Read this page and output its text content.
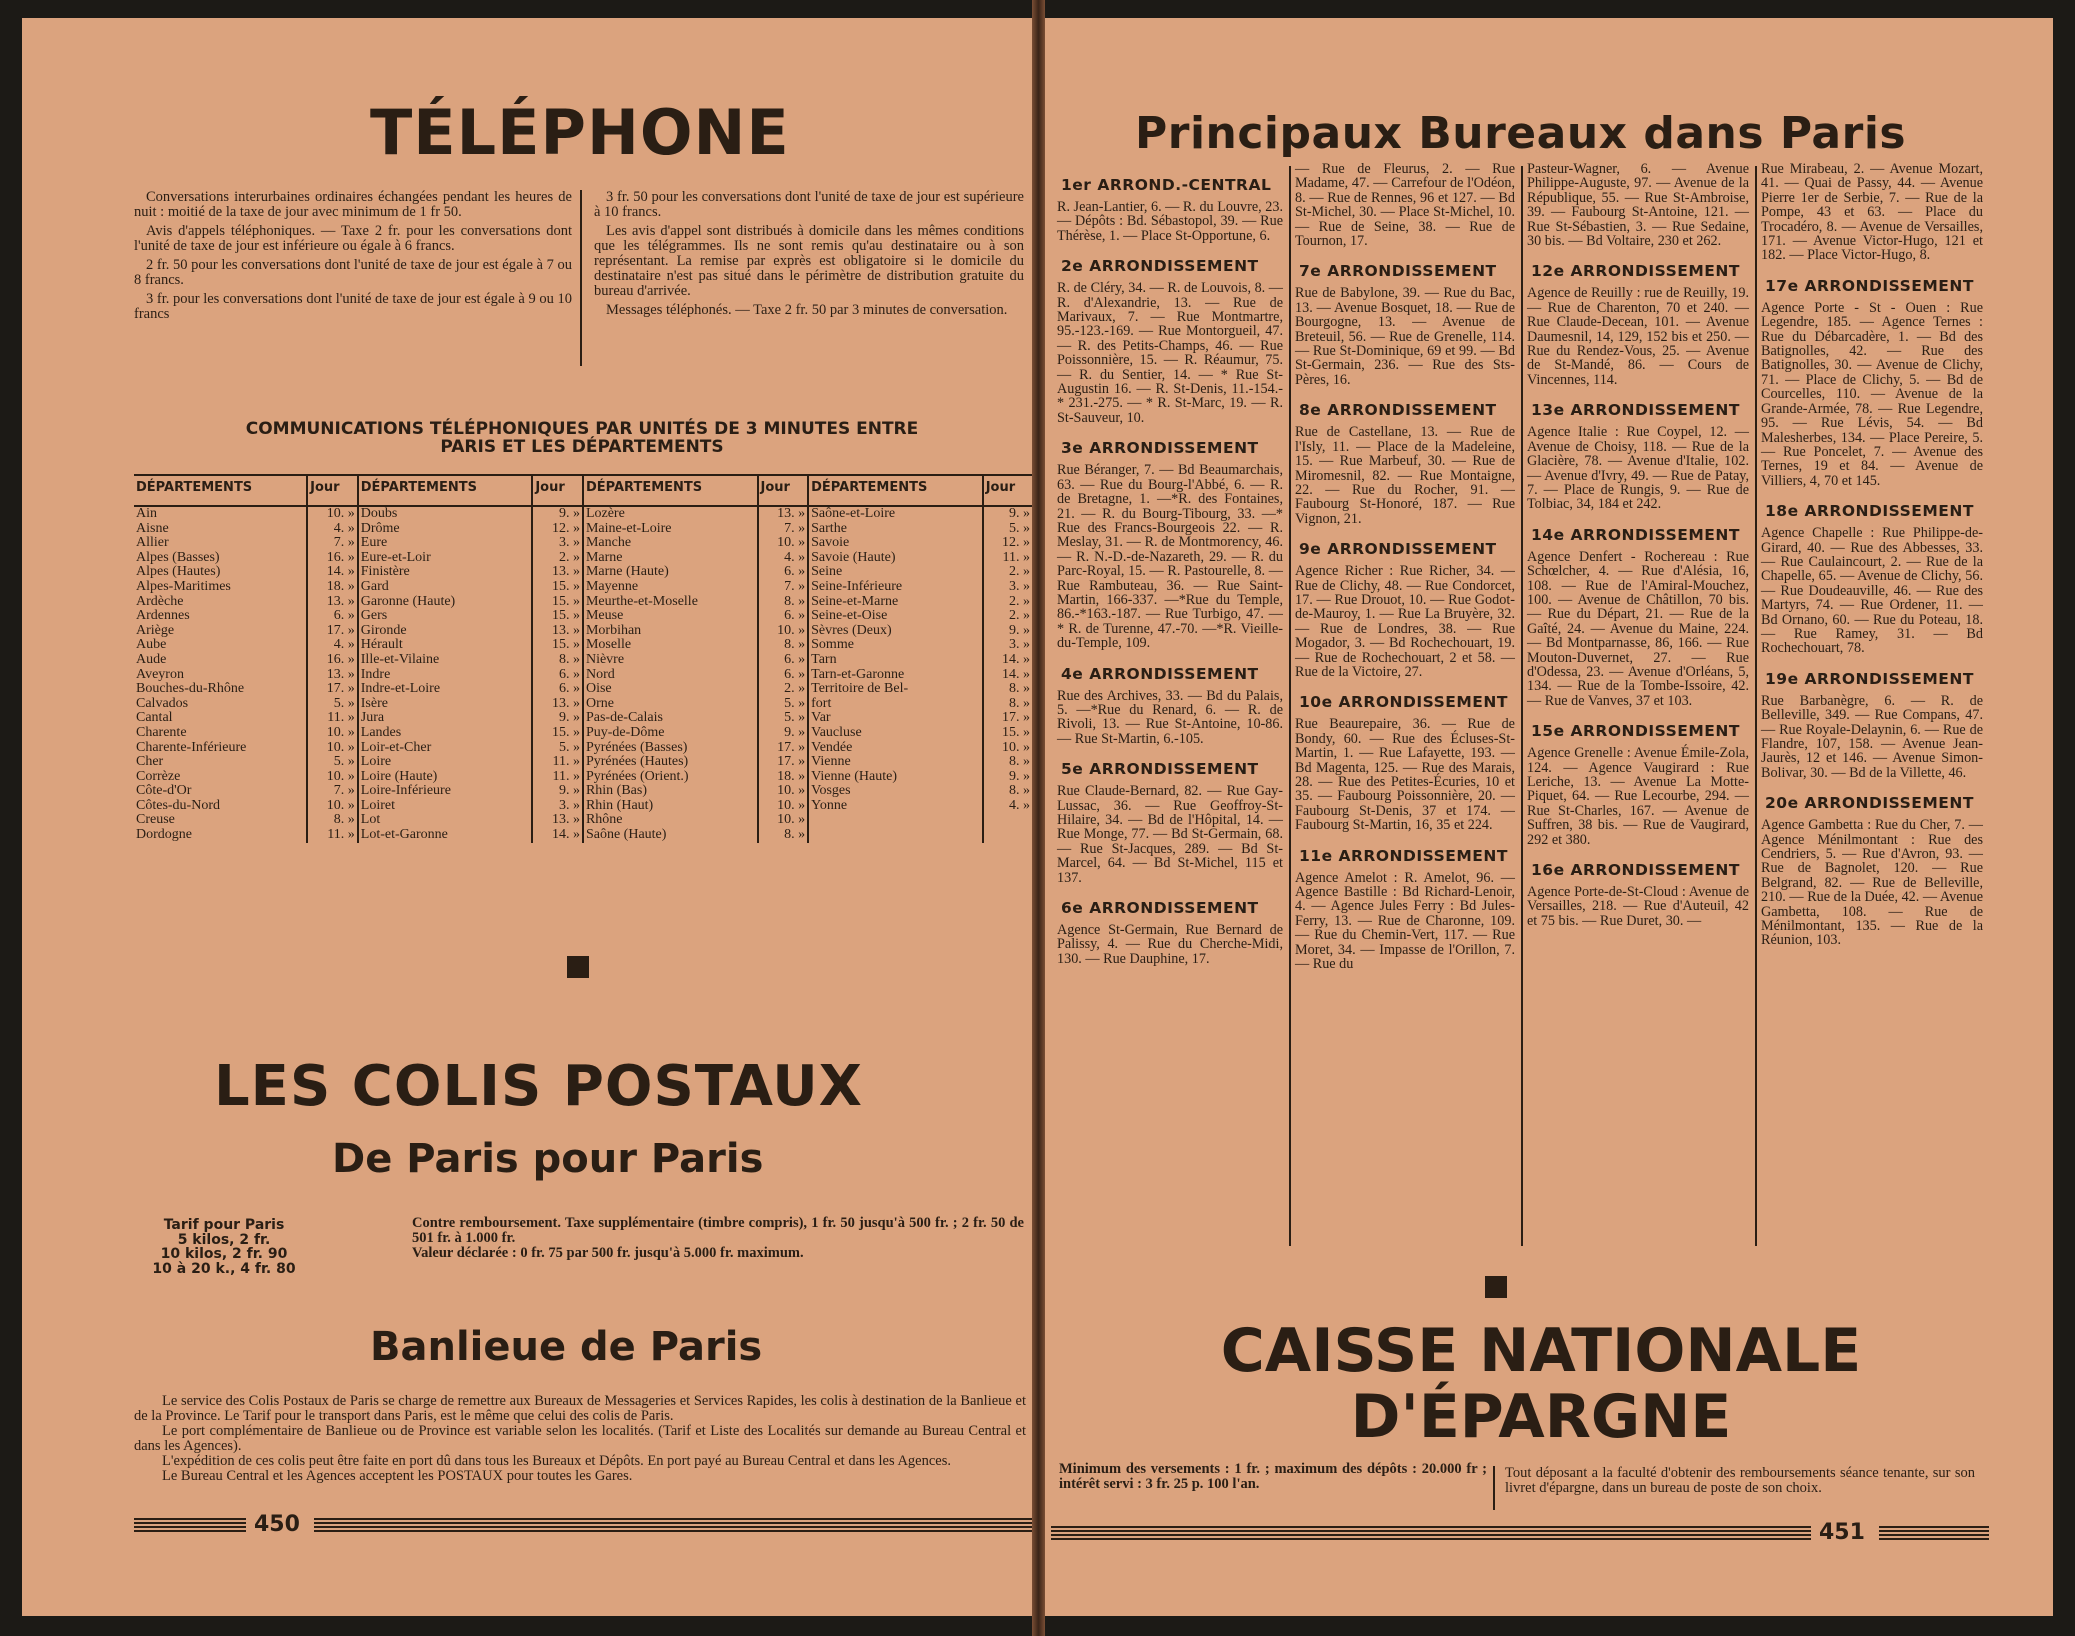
TÉLÉPHONE

Conversations interurbaines ordinaires échangées pendant les heures de nuit : moitié de la taxe de jour avec minimum de 1 fr 50.

Avis d'appels téléphoniques. — Taxe 2 fr. pour les conversations dont l'unité de taxe de jour est inférieure ou égale à 6 francs.

2 fr. 50 pour les conversations dont l'unité de taxe de jour est égale à 7 ou 8 francs.

3 fr. pour les conversations dont l'unité de taxe de jour est égale à 9 ou 10 francs

3 fr. 50 pour les conversations dont l'unité de taxe de jour est supérieure à 10 francs.

Les avis d'appel sont distribués à domicile dans les mêmes conditions que les télégrammes. Ils ne sont remis qu'au destinataire ou à son représentant. La remise par exprès est obligatoire si le domicile du destinataire n'est pas situé dans le périmètre de distribution gratuite du bureau d'arrivée.

Messages téléphonés. — Taxe 2 fr. 50 par 3 minutes de conversation.

COMMUNICATIONS TÉLÉPHONIQUES PAR UNITÉS DE 3 MINUTES ENTRE
PARIS ET LES DÉPARTEMENTS
DÉPARTEMENTS	Jour	DÉPARTEMENTS	Jour	DÉPARTEMENTS	Jour	DÉPARTEMENTS	Jour
Ain	10. »	Doubs	9. »	Lozère	13. »	Saône-et-Loire	9. »
Aisne	4. »	Drôme	12. »	Maine-et-Loire	7. »	Sarthe	5. »
Allier	7. »	Eure	3. »	Manche	10. »	Savoie	12. »
Alpes (Basses)	16. »	Eure-et-Loir	2. »	Marne	4. »	Savoie (Haute)	11. »
Alpes (Hautes)	14. »	Finistère	13. »	Marne (Haute)	6. »	Seine	2. »
Alpes-Maritimes	18. »	Gard	15. »	Mayenne	7. »	Seine-Inférieure	3. »
Ardèche	13. »	Garonne (Haute)	15. »	Meurthe-et-Moselle	8. »	Seine-et-Marne	2. »
Ardennes	6. »	Gers	15. »	Meuse	6. »	Seine-et-Oise	2. »
Ariège	17. »	Gironde	13. »	Morbihan	10. »	Sèvres (Deux)	9. »
Aube	4. »	Hérault	15. »	Moselle	8. »	Somme	3. »
Aude	16. »	Ille-et-Vilaine	8. »	Nièvre	6. »	Tarn	14. »
Aveyron	13. »	Indre	6. »	Nord	6. »	Tarn-et-Garonne	14. »
Bouches-du-Rhône	17. »	Indre-et-Loire	6. »	Oise	2. »	Territoire de Bel-	8. »
Calvados	5. »	Isère	13. »	Orne	5. »	fort	8. »
Cantal	11. »	Jura	9. »	Pas-de-Calais	5. »	Var	17. »
Charente	10. »	Landes	15. »	Puy-de-Dôme	9. »	Vaucluse	15. »
Charente-Inférieure	10. »	Loir-et-Cher	5. »	Pyrénées (Basses)	17. »	Vendée	10. »
Cher	5. »	Loire	11. »	Pyrénées (Hautes)	17. »	Vienne	8. »
Corrèze	10. »	Loire (Haute)	11. »	Pyrénées (Orient.)	18. »	Vienne (Haute)	9. »
Côte-d'Or	7. »	Loire-Inférieure	9. »	Rhin (Bas)	10. »	Vosges	8. »
Côtes-du-Nord	10. »	Loiret	3. »	Rhin (Haut)	10. »	Yonne	4. »
Creuse	8. »	Lot	13. »	Rhône	10. »		
Dordogne	11. »	Lot-et-Garonne	14. »	Saône (Haute)	8. »		
LES COLIS POSTAUX
De Paris pour Paris
Tarif pour Paris
5 kilos, 2 fr.
10 kilos, 2 fr. 90
10 à 20 k., 4 fr. 80
Contre remboursement. Taxe supplémentaire (timbre compris), 1 fr. 50 jusqu'à 500 fr. ; 2 fr. 50 de 501 fr. à 1.000 fr.
Valeur déclarée : 0 fr. 75 par 500 fr. jusqu'à 5.000 fr. maximum.
Banlieue de Paris

Le service des Colis Postaux de Paris se charge de remettre aux Bureaux de Messageries et Services Rapides, les colis à destination de la Banlieue et de la Province. Le Tarif pour le transport dans Paris, est le même que celui des colis de Paris.

Le port complémentaire de Banlieue ou de Province est variable selon les localités. (Tarif et Liste des Localités sur demande au Bureau Central et dans les Agences).

L'expédition de ces colis peut être faite en port dû dans tous les Bureaux et Dépôts. En port payé au Bureau Central et dans les Agences.

Le Bureau Central et les Agences acceptent les POSTAUX pour toutes les Gares.

450
Principaux Bureaux dans Paris
1er ARROND.-CENTRAL

R. Jean-Lantier, 6. — R. du Louvre, 23. — Dépôts : Bd. Sébastopol, 39. — Rue Thérèse, 1. — Place St-Opportune, 6.

2e ARRONDISSEMENT

R. de Cléry, 34. — R. de Louvois, 8. — R. d'Alexandrie, 13. — Rue de Marivaux, 7. — Rue Montmartre, 95.-123.-169. — Rue Montorgueil, 47. — R. des Petits-Champs, 46. — Rue Poissonnière, 15. — R. Réaumur, 75. — R. du Sentier, 14. — * Rue St-Augustin 16. — R. St-Denis, 11.-154.-* 231.-275. — * R. St-Marc, 19. — R. St-Sauveur, 10.

3e ARRONDISSEMENT

Rue Béranger, 7. — Bd Beaumarchais, 63. — Rue du Bourg-l'Abbé, 6. — R. de Bretagne, 1. —*R. des Fontaines, 21. — R. du Bourg-Tibourg, 33. —* Rue des Francs-Bourgeois 22. — R. Meslay, 31. — R. de Montmorency, 46. — R. N.-D.-de-Nazareth, 29. — R. du Parc-Royal, 15. — R. Pastourelle, 8. — Rue Rambuteau, 36. — Rue Saint-Martin, 166-337. —*Rue du Temple, 86.-*163.-187. — Rue Turbigo, 47. — * R. de Turenne, 47.-70. —*R. Vieille-du-Temple, 109.

4e ARRONDISSEMENT

Rue des Archives, 33. — Bd du Palais, 5. —*Rue du Renard, 6. — R. de Rivoli, 13. — Rue St-Antoine, 10-86. — Rue St-Martin, 6.-105.

5e ARRONDISSEMENT

Rue Claude-Bernard, 82. — Rue Gay-Lussac, 36. — Rue Geoffroy-St-Hilaire, 34. — Bd de l'Hôpital, 14. — Rue Monge, 77. — Bd St-Germain, 68. — Rue St-Jacques, 289. — Bd St-Marcel, 64. — Bd St-Michel, 115 et 137.

6e ARRONDISSEMENT

Agence St-Germain, Rue Bernard de Palissy, 4. — Rue du Cherche-Midi, 130. — Rue Dauphine, 17.

— Rue de Fleurus, 2. — Rue Madame, 47. — Carrefour de l'Odéon, 8. — Rue de Rennes, 96 et 127. — Bd St-Michel, 30. — Place St-Michel, 10. — Rue de Seine, 38. — Rue de Tournon, 17.

7e ARRONDISSEMENT

Rue de Babylone, 39. — Rue du Bac, 13. — Avenue Bosquet, 18. — Rue de Bourgogne, 13. — Avenue de Breteuil, 56. — Rue de Grenelle, 114. — Rue St-Dominique, 69 et 99. — Bd St-Germain, 236. — Rue des Sts-Pères, 16.

8e ARRONDISSEMENT

Rue de Castellane, 13. — Rue de l'Isly, 11. — Place de la Madeleine, 15. — Rue Marbeuf, 30. — Rue de Miromesnil, 82. — Rue Montaigne, 22. — Rue du Rocher, 91. — Faubourg St-Honoré, 187. — Rue Vignon, 21.

9e ARRONDISSEMENT

Agence Richer : Rue Richer, 34. — Rue de Clichy, 48. — Rue Condorcet, 17. — Rue Drouot, 10. — Rue Godot-de-Mauroy, 1. — Rue La Bruyère, 32. — Rue de Londres, 38. — Rue Mogador, 3. — Bd Rochechouart, 19. — Rue de Rochechouart, 2 et 58. — Rue de la Victoire, 27.

10e ARRONDISSEMENT

Rue Beaurepaire, 36. — Rue de Bondy, 60. — Rue des Écluses-St-Martin, 1. — Rue Lafayette, 193. — Bd Magenta, 125. — Rue des Marais, 28. — Rue des Petites-Écuries, 10 et 35. — Faubourg Poissonnière, 20. — Faubourg St-Denis, 37 et 174. — Faubourg St-Martin, 16, 35 et 224.

11e ARRONDISSEMENT

Agence Amelot : R. Amelot, 96. — Agence Bastille : Bd Richard-Lenoir, 4. — Agence Jules Ferry : Bd Jules-Ferry, 13. — Rue de Charonne, 109. — Rue du Chemin-Vert, 117. — Rue Moret, 34. — Impasse de l'Orillon, 7. — Rue du

Pasteur-Wagner, 6. — Avenue Philippe-Auguste, 97. — Avenue de la République, 55. — Rue St-Ambroise, 39. — Faubourg St-Antoine, 121. — Rue St-Sébastien, 3. — Rue Sedaine, 30 bis. — Bd Voltaire, 230 et 262.

12e ARRONDISSEMENT

Agence de Reuilly : rue de Reuilly, 19. — Rue de Charenton, 70 et 240. — Rue Claude-Decean, 101. — Avenue Daumesnil, 14, 129, 152 bis et 250. — Rue du Rendez-Vous, 25. — Avenue de St-Mandé, 86. — Cours de Vincennes, 114.

13e ARRONDISSEMENT

Agence Italie : Rue Coypel, 12. — Avenue de Choisy, 118. — Rue de la Glacière, 78. — Avenue d'Italie, 102. — Avenue d'Ivry, 49. — Rue de Patay, 7. — Place de Rungis, 9. — Rue de Tolbiac, 34, 184 et 242.

14e ARRONDISSEMENT

Agence Denfert - Rochereau : Rue Schœlcher, 4. — Rue d'Alésia, 16, 108. — Rue de l'Amiral-Mouchez, 100. — Avenue de Châtillon, 70 bis. — Rue du Départ, 21. — Rue de la Gaîté, 24. — Avenue du Maine, 224. — Bd Montparnasse, 86, 166. — Rue Mouton-Duvernet, 27. — Rue d'Odessa, 23. — Avenue d'Orléans, 5, 134. — Rue de la Tombe-Issoire, 42. — Rue de Vanves, 37 et 103.

15e ARRONDISSEMENT

Agence Grenelle : Avenue Émile-Zola, 124. — Agence Vaugirard : Rue Leriche, 13. — Avenue La Motte-Piquet, 64. — Rue Lecourbe, 294. — Rue St-Charles, 167. — Avenue de Suffren, 38 bis. — Rue de Vaugirard, 292 et 380.

16e ARRONDISSEMENT

Agence Porte-de-St-Cloud : Avenue de Versailles, 218. — Rue d'Auteuil, 42 et 75 bis. — Rue Duret, 30. —

Rue Mirabeau, 2. — Avenue Mozart, 41. — Quai de Passy, 44. — Avenue Pierre 1er de Serbie, 7. — Rue de la Pompe, 43 et 63. — Place du Trocadéro, 8. — Avenue de Versailles, 171. — Avenue Victor-Hugo, 121 et 182. — Place Victor-Hugo, 8.

17e ARRONDISSEMENT

Agence Porte - St - Ouen : Rue Legendre, 185. — Agence Ternes : Rue du Débarcadère, 1. — Bd des Batignolles, 42. — Rue des Batignolles, 30. — Avenue de Clichy, 71. — Place de Clichy, 5. — Bd de Courcelles, 110. — Avenue de la Grande-Armée, 78. — Rue Legendre, 95. — Rue Lévis, 54. — Bd Malesherbes, 134. — Place Pereire, 5. — Rue Poncelet, 7. — Avenue des Ternes, 19 et 84. — Avenue de Villiers, 4, 70 et 145.

18e ARRONDISSEMENT

Agence Chapelle : Rue Philippe-de-Girard, 40. — Rue des Abbesses, 33. — Rue Caulaincourt, 2. — Rue de la Chapelle, 65. — Avenue de Clichy, 56. — Rue Doudeauville, 46. — Rue des Martyrs, 74. — Rue Ordener, 11. — Bd Ornano, 60. — Rue du Poteau, 18. — Rue Ramey, 31. — Bd Rochechouart, 78.

19e ARRONDISSEMENT

Rue Barbanègre, 6. — R. de Belleville, 349. — Rue Compans, 47. — Rue Royale-Delaynin, 6. — Rue de Flandre, 107, 158. — Avenue Jean-Jaurès, 12 et 146. — Avenue Simon-Bolivar, 30. — Bd de la Villette, 46.

20e ARRONDISSEMENT

Agence Gambetta : Rue du Cher, 7. — Agence Ménilmontant : Rue des Cendriers, 5. — Rue d'Avron, 93. — Rue de Bagnolet, 120. — Rue Belgrand, 82. — Rue de Belleville, 210. — Rue de la Duée, 42. — Avenue Gambetta, 108. — Rue de Ménilmontant, 135. — Rue de la Réunion, 103.

CAISSE NATIONALE
D'ÉPARGNE
Minimum des versements : 1 fr. ; maximum des dépôts : 20.000 fr ; intérêt servi : 3 fr. 25 p. 100 l'an.
Tout déposant a la faculté d'obtenir des remboursements séance tenante, sur son livret d'épargne, dans un bureau de poste de son choix.
451
